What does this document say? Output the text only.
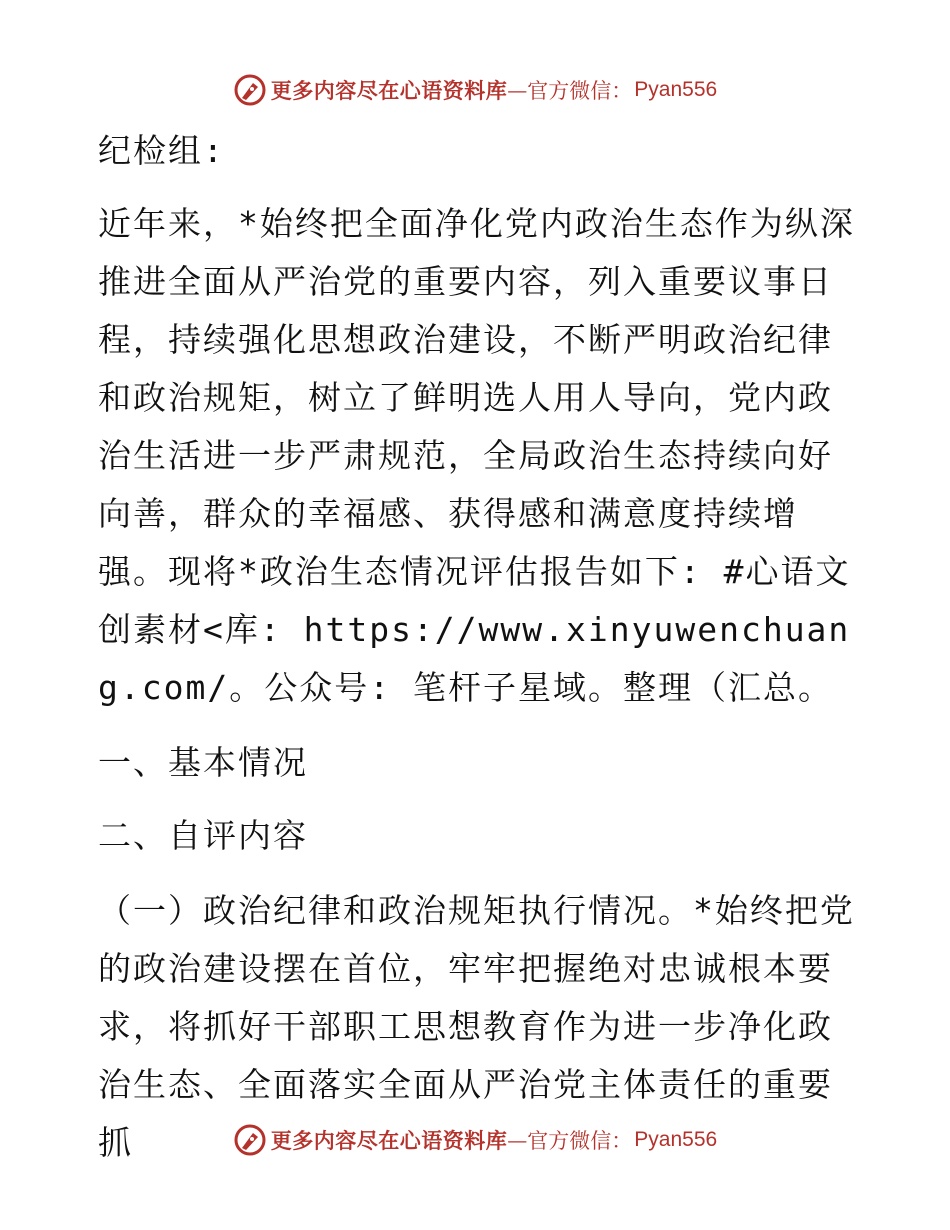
更多内容尽在心语资料库 — 官方微信： Pyan556

纪检组:

近年来，*始终把全面净化党内政治生态作为纵深推进全面从严治党的重要内容，列入重要议事日程，持续强化思想政治建设，不断严明政治纪律和政治规矩，树立了鲜明选人用人导向，党内政治生活进一步严肃规范，全局政治生态持续向好向善，群众的幸福感、获得感和满意度持续增强。现将*政治生态情况评估报告如下: #心语文创素材<库: https://www.xinyuwenchuang.com/。公众号: 笔杆子星域。整理（汇总。

一、基本情况

二、自评内容

（一）政治纪律和政治规矩执行情况。*始终把党的政治建设摆在首位，牢牢把握绝对忠诚根本要求，将抓好干部职工思想教育作为进一步净化政治生态、全面落实全面从严治党主体责任的重要抓	更多内容尽在心语资料库 — 官方微信： Pyan556
